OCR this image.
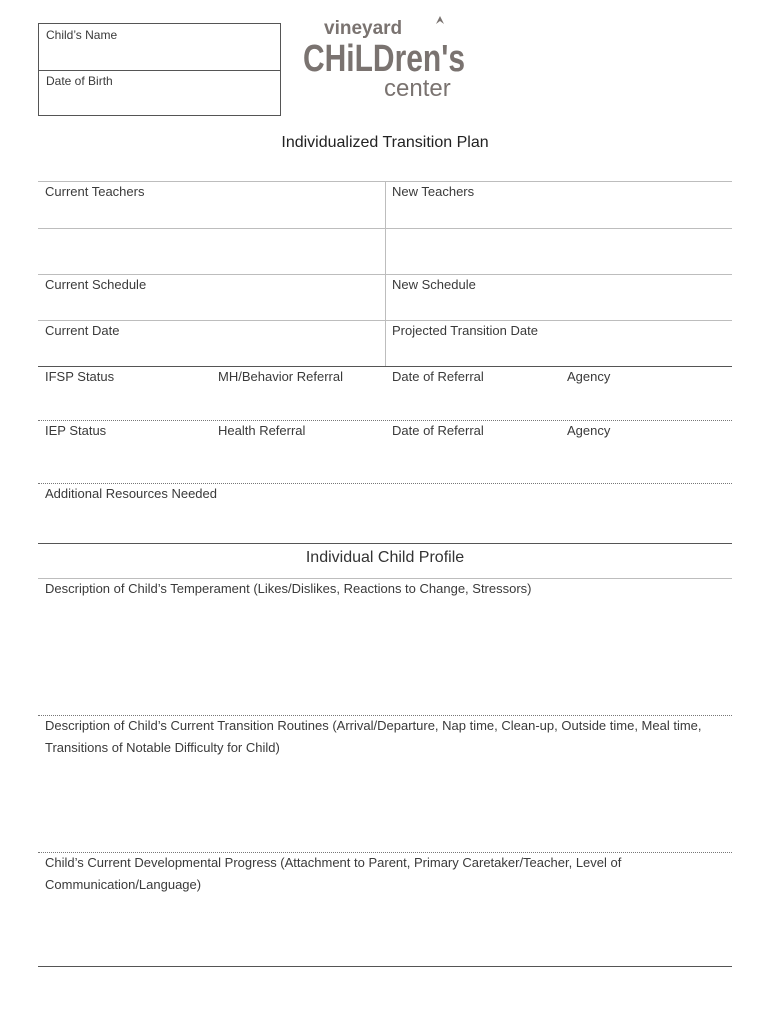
Child’s Name
Date of Birth
vineyard
CHiLDren's
center
Individualized Transition Plan
Current Teachers	New Teachers
Current Schedule	New Schedule
Current Date	Projected Transition Date
IFSP Status	MH/Behavior Referral	Date of Referral	Agency
IEP Status	Health Referral	Date of Referral	Agency
Additional Resources Needed
Individual Child Profile
Description of Child’s Temperament (Likes/Dislikes, Reactions to Change, Stressors)
Description of Child’s Current Transition Routines (Arrival/Departure, Nap time, Clean-up, Outside time, Meal time, Transitions of Notable Difficulty for Child)
Child’s Current Developmental Progress (Attachment to Parent, Primary Caretaker/Teacher, Level of Communication/Language)
